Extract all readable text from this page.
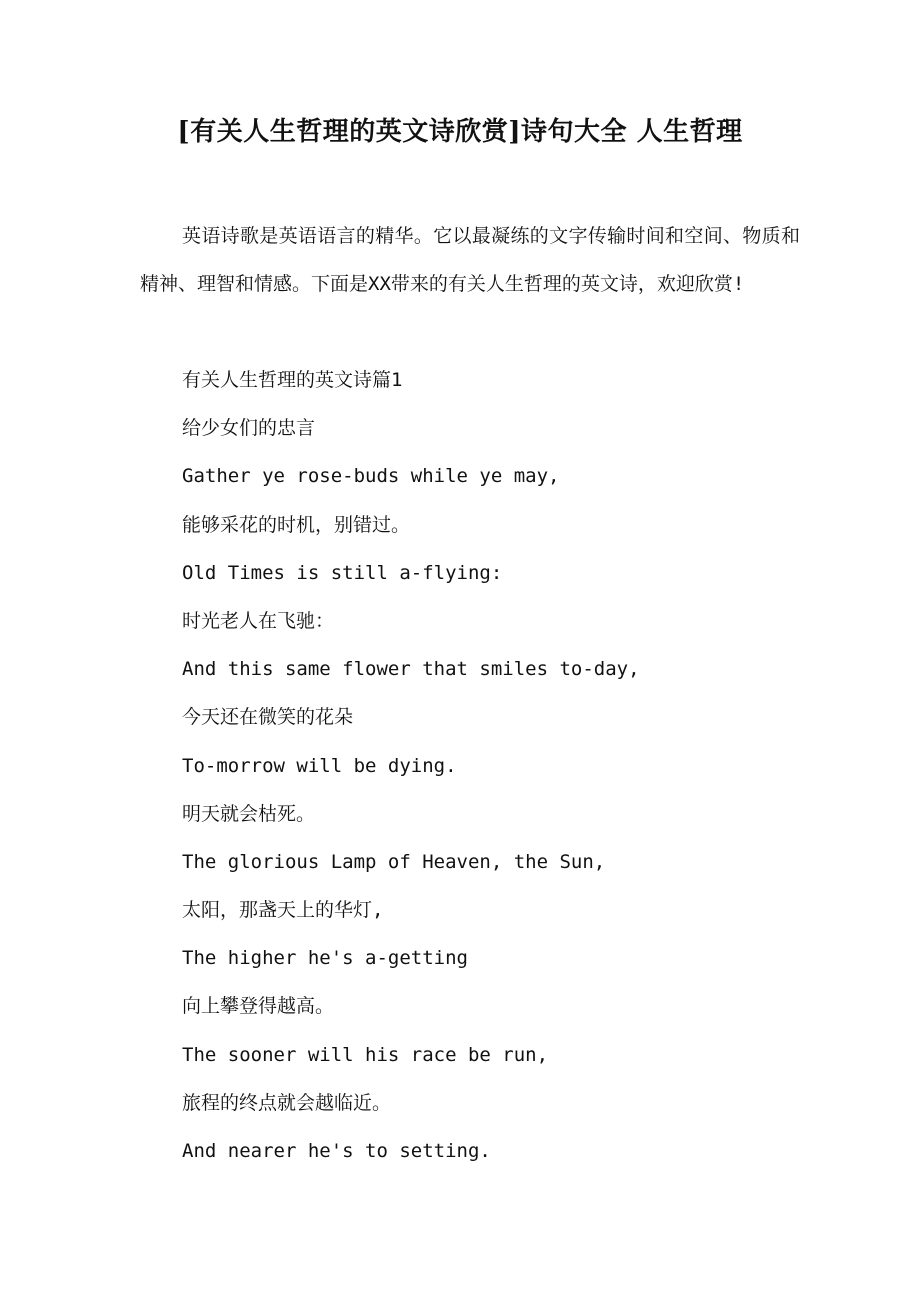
[有关人生哲理的英文诗欣赏]诗句大全 人生哲理

英语诗歌是英语语言的精华。它以最凝练的文字传输时间和空间、物质和精神、理智和情感。下面是XX带来的有关人生哲理的英文诗，欢迎欣赏!

有关人生哲理的英文诗篇1
给少女们的忠言
Gather ye rose-buds while ye may,
能够采花的时机，别错过。
Old Times is still a-flying:
时光老人在飞驰：
And this same flower that smiles to-day,
今天还在微笑的花朵
To-morrow will be dying.
明天就会枯死。
The glorious Lamp of Heaven, the Sun,
太阳，那盏天上的华灯,
The higher he's a-getting
向上攀登得越高。
The sooner will his race be run,
旅程的终点就会越临近。
And nearer he's to setting.
